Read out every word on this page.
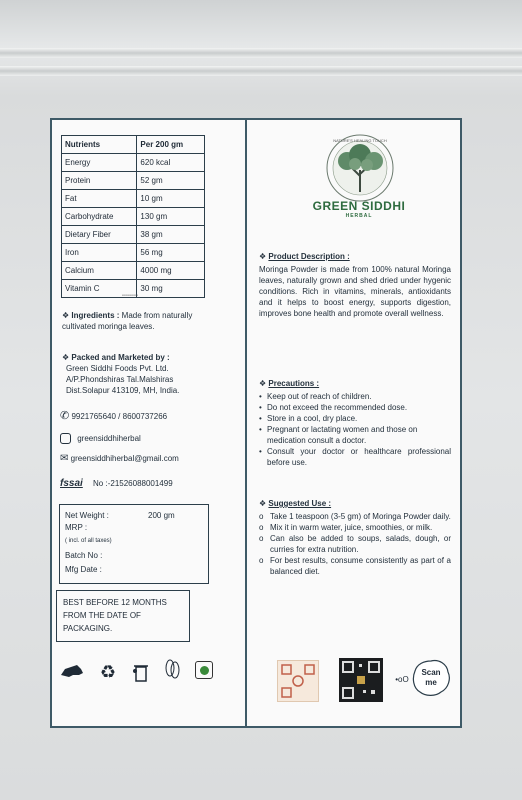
Nutrients	Per 200 gm
Energy	620 kcal
Protein	52 gm
Fat	10 gm
Carbohydrate	130 gm
Dietary Fiber	38 gm
Iron	56 mg
Calcium	4000 mg
Vitamin C	30 mg
▪▪▪▪▪▪▪▪▪▪▪▪▪▪▪
❖ Ingredients : Made from naturally cultivated moringa leaves.
❖ Packed and Marketed by :
Green Siddhi Foods Pvt. Ltd.
A/P.Phondshiras Tal.Malshiras
Dist.Solapur 413109, MH, India.
✆ 9921765640 / 8600737266
greensiddhiherbal
✉ greensiddhiherbal@gmail.com
fssai No :-21526088001499
Net Weight :	200 gm
MRP :
( incl. of all taxes)
Batch No :
Mfg Date :
BEST BEFORE 12 MONTHS FROM THE DATE OF PACKAGING.
♻
NATURE'S HEALING TOUCH
GREEN SIDDHI
HERBAL
❖ Product Description :
Moringa Powder is made from 100% natural Moringa leaves, naturally grown and shed dried under hygenic conditions. Rich in vitamins, minerals, antioxidants and it helps to boost energy, supports digestion, improves bone health and promote overall wellness.
❖ Precautions :
• Keep out of reach of children.
• Do not exceed the recommended dose.
• Store in a cool, dry place.
• Pregnant or lactating women and those on medication consult a doctor.
• Consult your doctor or healthcare professional before use.
❖ Suggested Use :
o Take 1 teaspoon (3-5 gm) of Moringa Powder daily.
o Mix it in warm water, juice, smoothies, or milk.
o Can also be added to soups, salads, dough, or curries for extra nutrition.
o For best results, consume consistently as part of a balanced diet.
•oO
Scan me
